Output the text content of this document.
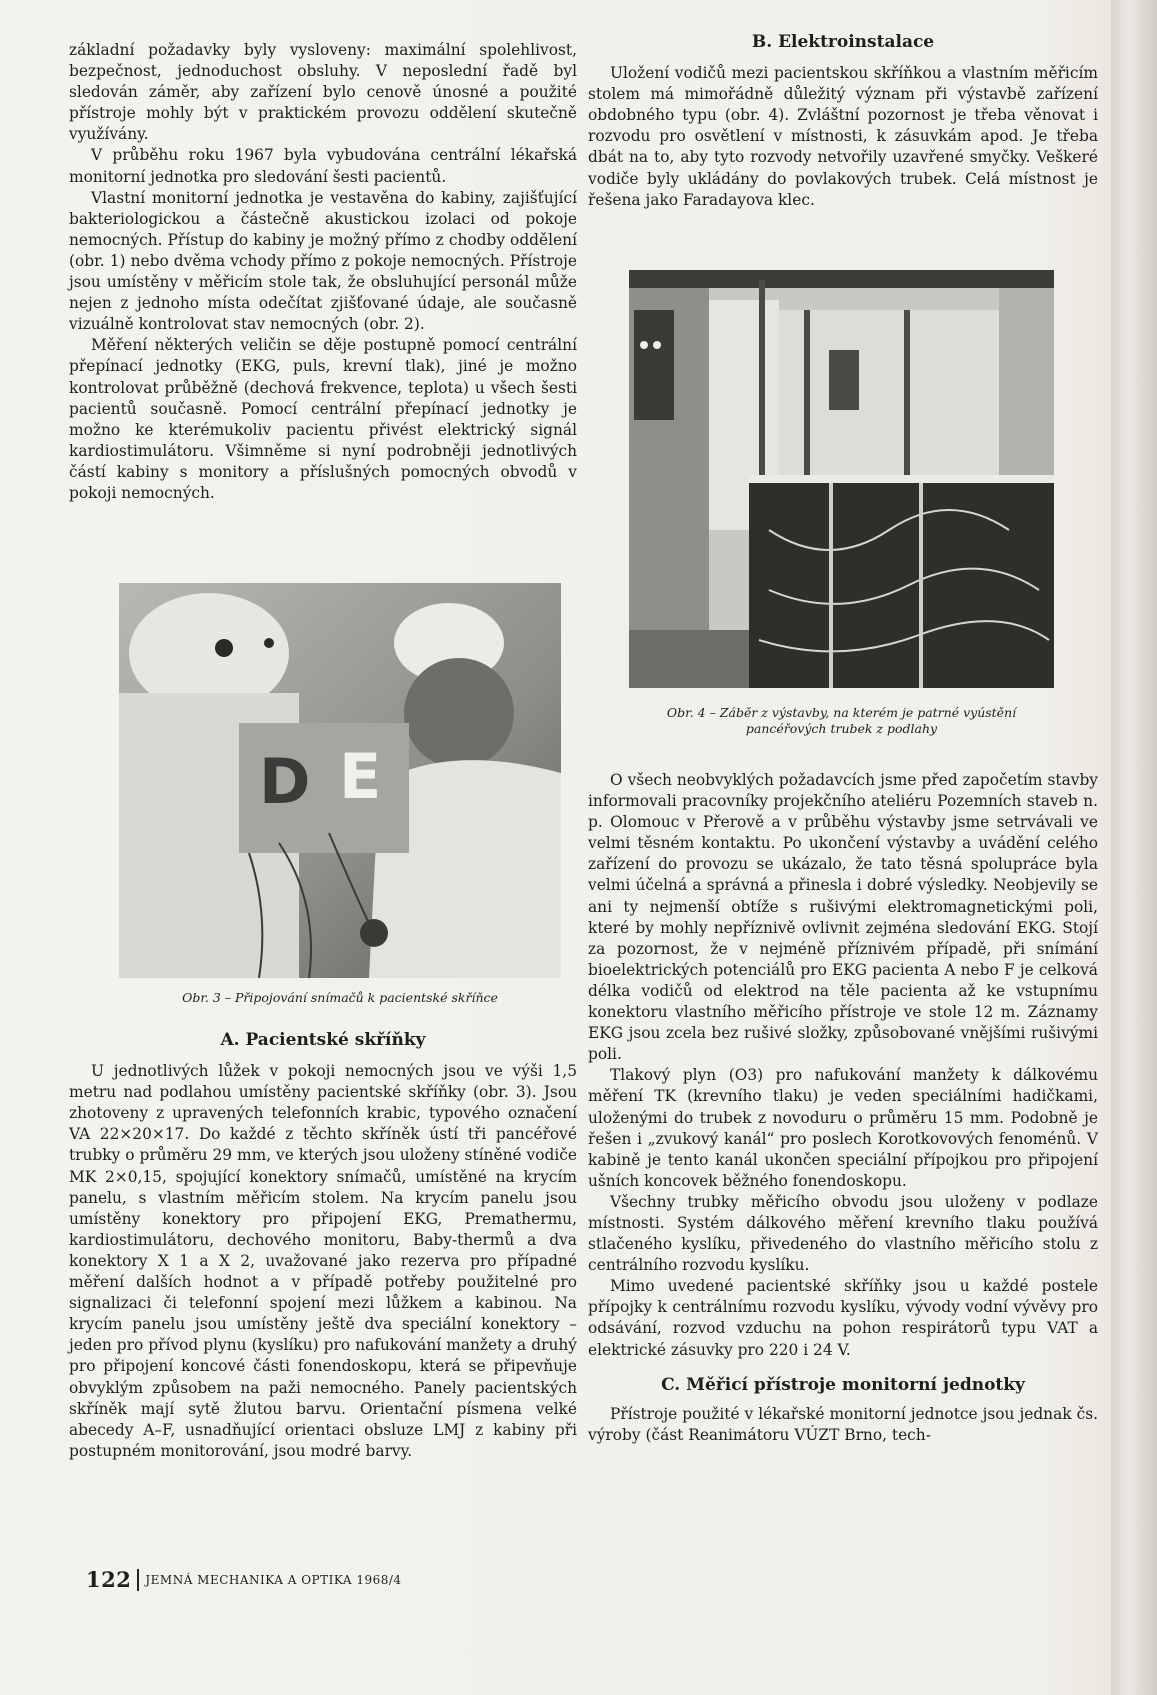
základní požadavky byly vysloveny: maximální spolehlivost, bezpečnost, jednoduchost obsluhy. V neposlední řadě byl sledován záměr, aby zařízení bylo cenově únosné a použité přístroje mohly být v praktickém provozu oddělení skutečně využívány.

V průběhu roku 1967 byla vybudována centrální lékařská monitorní jednotka pro sledování šesti pacientů.

Vlastní monitorní jednotka je vestavěna do kabiny, zajišťující bakteriologickou a částečně akustickou izolaci od pokoje nemocných. Přístup do kabiny je možný přímo z chodby oddělení (obr. 1) nebo dvěma vchody přímo z pokoje nemocných. Přístroje jsou umístěny v měřicím stole tak, že obsluhující personál může nejen z jednoho místa odečítat zjišťované údaje, ale současně vizuálně kontrolovat stav nemocných (obr. 2).

Měření některých veličin se děje postupně pomocí centrální přepínací jednotky (EKG, puls, krevní tlak), jiné je možno kontrolovat průběžně (dechová frekvence, teplota) u všech šesti pacientů současně. Pomocí centrální přepínací jednotky je možno ke kterémukoliv pacientu přivést elektrický signál kardiostimulátoru. Všimněme si nyní podrobněji jednotlivých částí kabiny s monitory a příslušných pomocných obvodů v pokoji nemocných.

D E
Obr. 3 – Připojování snímačů k pacientské skříňce
A. Pacientské skříňky

U jednotlivých lůžek v pokoji nemocných jsou ve výši 1,5 metru nad podlahou umístěny pacientské skříňky (obr. 3). Jsou zhotoveny z upravených telefonních krabic, typového označení VA 22×20×17. Do každé z těchto skříněk ústí tři pancéřové trubky o průměru 29 mm, ve kterých jsou uloženy stíněné vodiče MK 2×0,15, spojující konektory snímačů, umístěné na krycím panelu, s vlastním měřicím stolem. Na krycím panelu jsou umístěny konektory pro připojení EKG, Premathermu, kardiostimulátoru, dechového monitoru, Baby-thermů a dva konektory X 1 a X 2, uvažované jako rezerva pro případné měření dalších hodnot a v případě potřeby použitelné pro signalizaci či telefonní spojení mezi lůžkem a kabinou. Na krycím panelu jsou umístěny ještě dva speciální konektory – jeden pro přívod plynu (kyslíku) pro nafukování manžety a druhý pro připojení koncové části fonendoskopu, která se připevňuje obvyklým způsobem na paži nemocného. Panely pacientských skříněk mají sytě žlutou barvu. Orientační písmena velké abecedy A–F, usnadňující orientaci obsluze LMJ z kabiny při postupném monitorování, jsou modré barvy.

B. Elektroinstalace

Uložení vodičů mezi pacientskou skříňkou a vlastním měřicím stolem má mimořádně důležitý význam při výstavbě zařízení obdobného typu (obr. 4). Zvláštní pozornost je třeba věnovat i rozvodu pro osvětlení v místnosti, k zásuvkám apod. Je třeba dbát na to, aby tyto rozvody netvořily uzavřené smyčky. Veškeré vodiče byly ukládány do povlakových trubek. Celá místnost je řešena jako Faradayova klec.

Obr. 4 – Záběr z výstavby, na kterém je patrné vyústění pancéřových trubek z podlahy

O všech neobvyklých požadavcích jsme před započetím stavby informovali pracovníky projekčního ateliéru Pozemních staveb n. p. Olomouc v Přerově a v průběhu výstavby jsme setrvávali ve velmi těsném kontaktu. Po ukončení výstavby a uvádění celého zařízení do provozu se ukázalo, že tato těsná spolupráce byla velmi účelná a správná a přinesla i dobré výsledky. Neobjevily se ani ty nejmenší obtíže s rušivými elektromagnetickými poli, které by mohly nepříznivě ovlivnit zejména sledování EKG. Stojí za pozornost, že v nejméně příznivém případě, při snímání bioelektrických potenciálů pro EKG pacienta A nebo F je celková délka vodičů od elektrod na těle pacienta až ke vstupnímu konektoru vlastního měřicího přístroje ve stole 12 m. Záznamy EKG jsou zcela bez rušivé složky, způsobované vnějšími rušivými poli.

Tlakový plyn (O3) pro nafukování manžety k dálkovému měření TK (krevního tlaku) je veden speciálními hadičkami, uloženými do trubek z novoduru o průměru 15 mm. Podobně je řešen i „zvukový kanál“ pro poslech Korotkovových fenoménů. V kabině je tento kanál ukončen speciální přípojkou pro připojení ušních koncovek běžného fonendoskopu.

Všechny trubky měřicího obvodu jsou uloženy v podlaze místnosti. Systém dálkového měření krevního tlaku používá stlačeného kyslíku, přivedeného do vlastního měřicího stolu z centrálního rozvodu kyslíku.

Mimo uvedené pacientské skříňky jsou u každé postele přípojky k centrálnímu rozvodu kyslíku, vývody vodní vývěvy pro odsávání, rozvod vzduchu na pohon respirátorů typu VAT a elektrické zásuvky pro 220 i 24 V.

C. Měřicí přístroje monitorní jednotky

Přístroje použité v lékařské monitorní jednotce jsou jednak čs. výroby (část Reanimátoru VÚZT Brno, tech-

122 JEMNÁ MECHANIKA A OPTIKA 1968/4
